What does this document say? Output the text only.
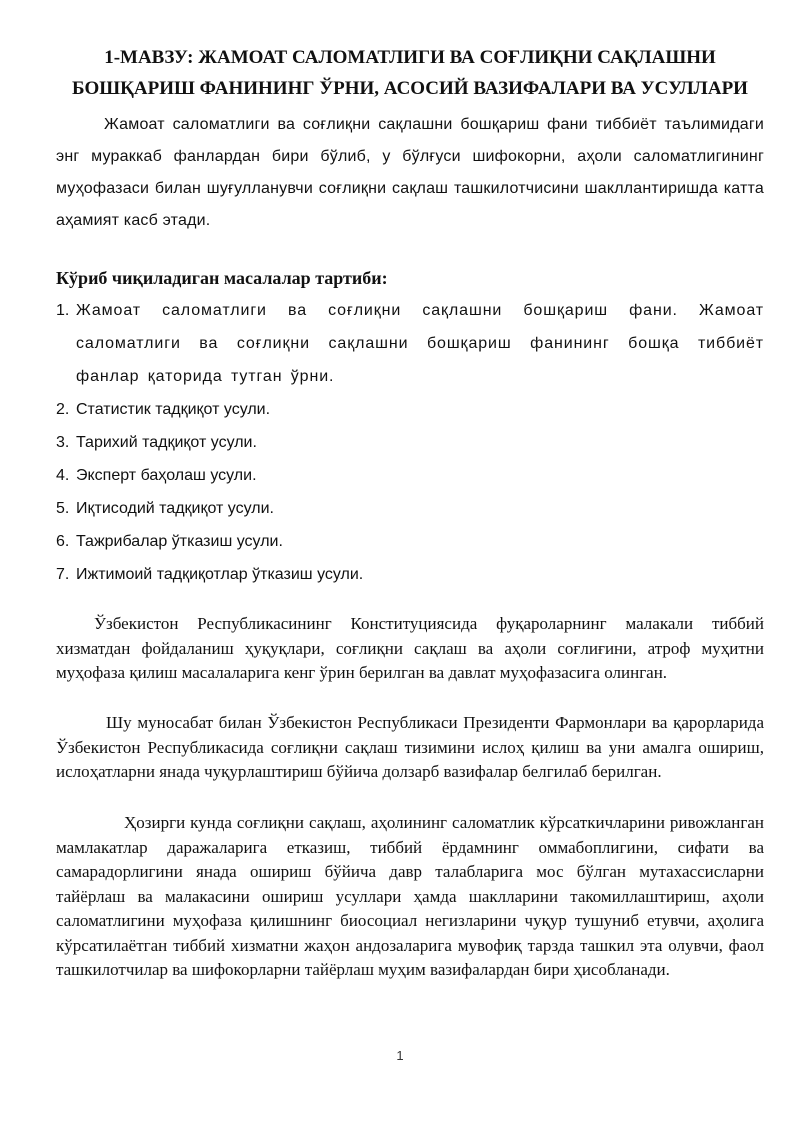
1-МАВЗУ: ЖАМОАТ САЛОМАТЛИГИ ВА СОҒЛИҚНИ САҚЛАШНИ
БОШҚАРИШ ФАНИНИНГ ЎРНИ, АСОСИЙ ВАЗИФАЛАРИ ВА УСУЛЛАРИ

Жамоат саломатлиги ва соғлиқни сақлашни бошқариш фани тиббиёт таълимидаги энг мураккаб фанлардан бири бўлиб, у бўлғуси шифокорни, аҳоли саломатлигининг муҳофазаси билан шуғулланувчи соғлиқни сақлаш ташкилотчисини шакллантиришда катта аҳамият касб этади.

Кўриб чиқиладиган масалалар тартиби:

1. Жамоат саломатлиги ва соғлиқни сақлашни бошқариш фани. Жамоат саломатлиги ва соғлиқни сақлашни бошқариш фанининг бошқа тиббиёт фанлар қаторида тутган ўрни.
2. Статистик тадқиқот усули.
3. Тарихий тадқиқот усули.
4. Эксперт баҳолаш усули.
5. Иқтисодий тадқиқот усули.
6. Тажрибалар ўтказиш усули.
7. Ижтимоий тадқиқотлар ўтказиш усули.

Ўзбекистон Республикасининг Конституциясида фуқароларнинг малакали тиббий хизматдан фойдаланиш ҳуқуқлари, соғлиқни сақлаш ва аҳоли соғлиғини, атроф муҳитни муҳофаза қилиш масалаларига кенг ўрин берилган ва давлат муҳофазасига олинган.

Шу муносабат билан Ўзбекистон Республикаси Президенти Фармонлари ва қарорларида Ўзбекистон Республикасида соғлиқни сақлаш тизимини ислоҳ қилиш ва уни амалга ошириш, ислоҳатларни янада чуқурлаштириш бўйича долзарб вазифалар белгилаб берилган.

Ҳозирги кунда соғлиқни сақлаш, аҳолининг саломатлик кўрсаткичларини ривожланган мамлакатлар даражаларига етказиш, тиббий ёрдамнинг оммабоплигини, сифати ва самарадорлигини янада ошириш бўйича давр талабларига мос бўлган мутахассисларни тайёрлаш ва малакасини ошириш усуллари ҳамда шаклларини такомиллаштириш, аҳоли саломатлигини муҳофаза қилишнинг биосоциал негизларини чуқур тушуниб етувчи, аҳолига кўрсатилаётган тиббий хизматни жаҳон андозаларига мувофиқ тарзда ташкил эта олувчи, фаол ташкилотчилар ва шифокорларни тайёрлаш муҳим вазифалардан бири ҳисобланади.

1
